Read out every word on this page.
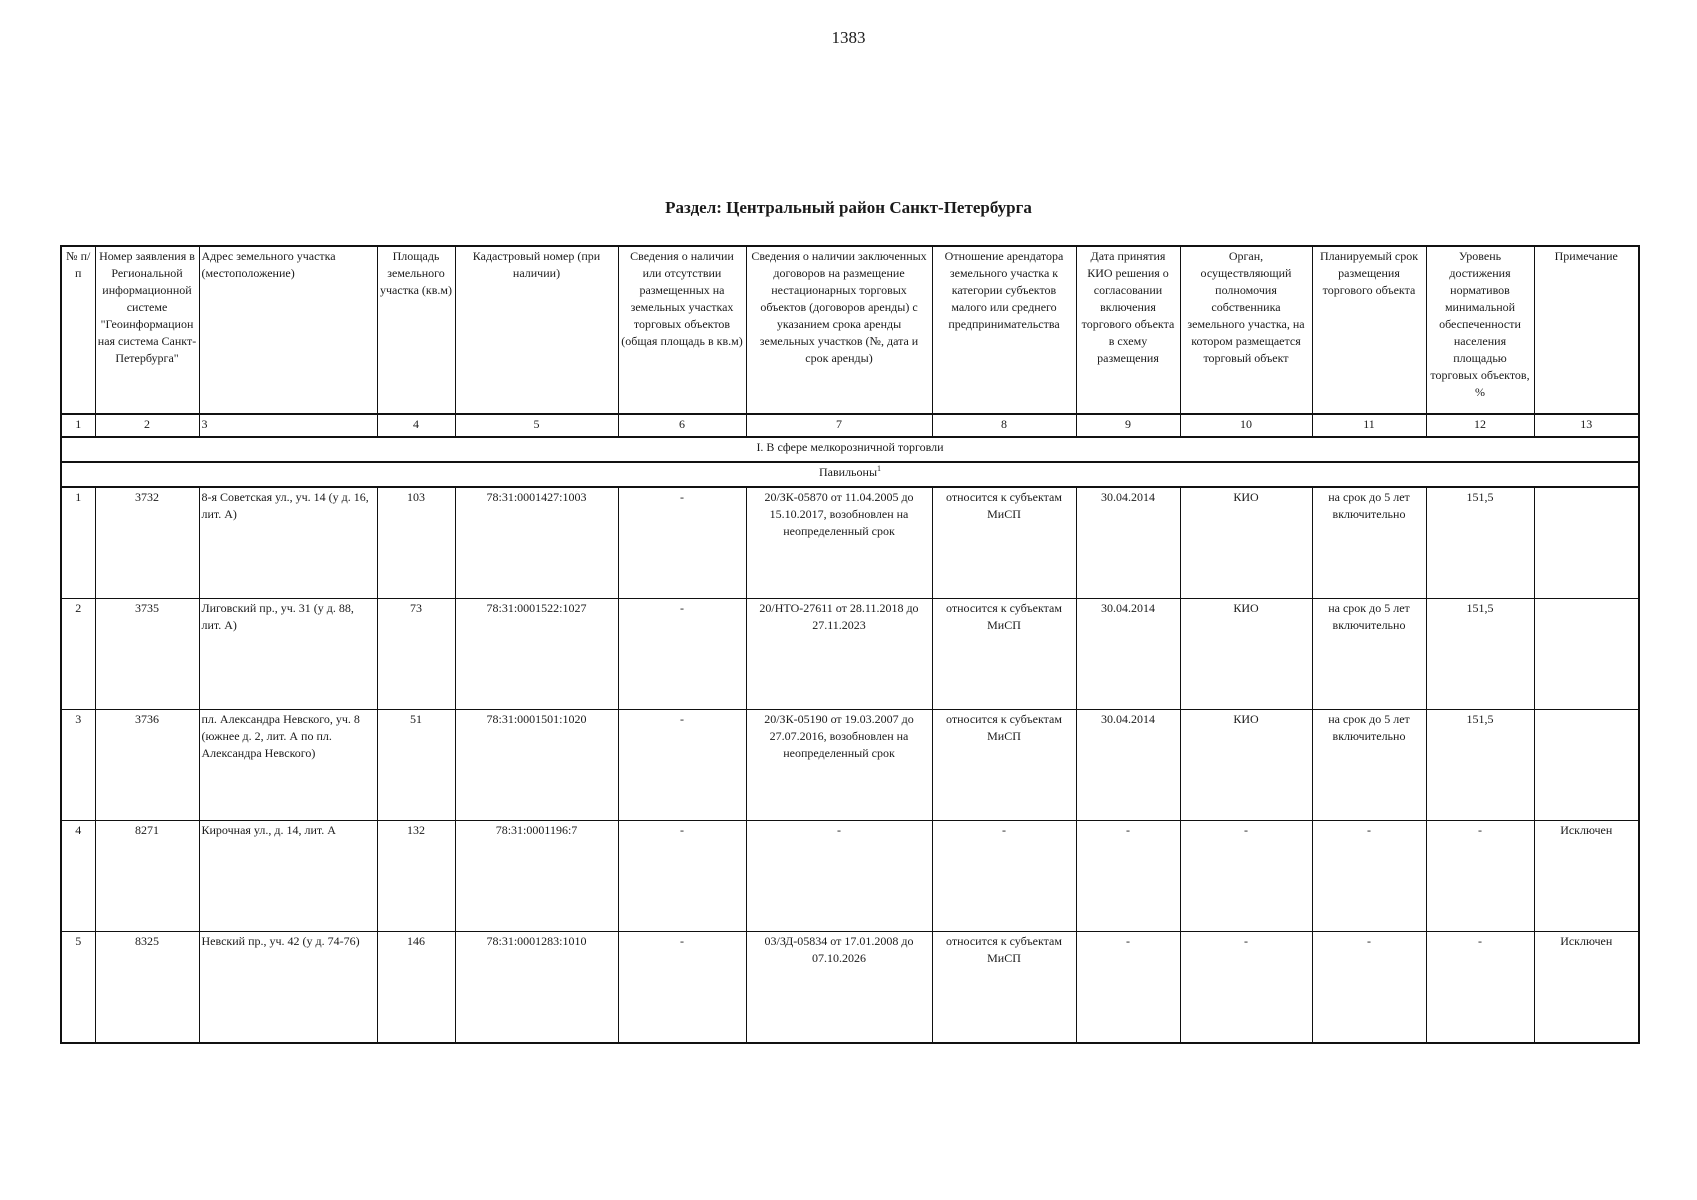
1383
Раздел: Центральный район Санкт-Петербурга
№ п/п	Номер заявления в Региональной информационной системе "Геоинформацион ная система Санкт-Петербурга"	Адрес земельного участка (местоположение)	Площадь земельного участка (кв.м)	Кадастровый номер (при наличии)	Сведения о наличии или отсутствии размещенных на земельных участках торговых объектов (общая площадь в кв.м)	Сведения о наличии заключенных договоров на размещение нестационарных торговых объектов (договоров аренды) с указанием срока аренды земельных участков (№, дата и срок аренды)	Отношение арендатора земельного участка к категории субъектов малого или среднего предпринимательства	Дата принятия КИО решения о согласовании включения торгового объекта в схему размещения	Орган, осуществляющий полномочия собственника земельного участка, на котором размещается торговый объект	Планируемый срок размещения торгового объекта	Уровень достижения нормативов минимальной обеспеченности населения площадью торговых объектов, %	Примечание
1	2	3	4	5	6	7	8	9	10	11	12	13
I. В сфере мелкорозничной торговли												
Павильоны$^1$
1	3732	8-я Советская ул., уч. 14 (у д. 16, лит. А)	103	78:31:0001427:1003	-	20/ЗК-05870 от 11.04.2005 до 15.10.2017, возобновлен на неопределенный срок	относится к субъектам МиСП	30.04.2014	КИО	на срок до 5 лет включительно	151,5	
2	3735	Лиговский пр., уч. 31 (у д. 88, лит. А)	73	78:31:0001522:1027	-	20/НТО-27611 от 28.11.2018 до 27.11.2023	относится к субъектам МиСП	30.04.2014	КИО	на срок до 5 лет включительно	151,5	
3	3736	пл. Александра Невского, уч. 8 (южнее д. 2, лит. А по пл. Александра Невского)	51	78:31:0001501:1020	-	20/ЗК-05190 от 19.03.2007 до 27.07.2016, возобновлен на неопределенный срок	относится к субъектам МиСП	30.04.2014	КИО	на срок до 5 лет включительно	151,5	
4	8271	Кирочная ул., д. 14, лит. А	132	78:31:0001196:7	-	-	-	-	-	-	-	Исключен
5	8325	Невский пр., уч. 42 (у д. 74-76)	146	78:31:0001283:1010	-	03/ЗД-05834 от 17.01.2008 до 07.10.2026	относится к субъектам МиСП	-	-	-	-	Исключен
